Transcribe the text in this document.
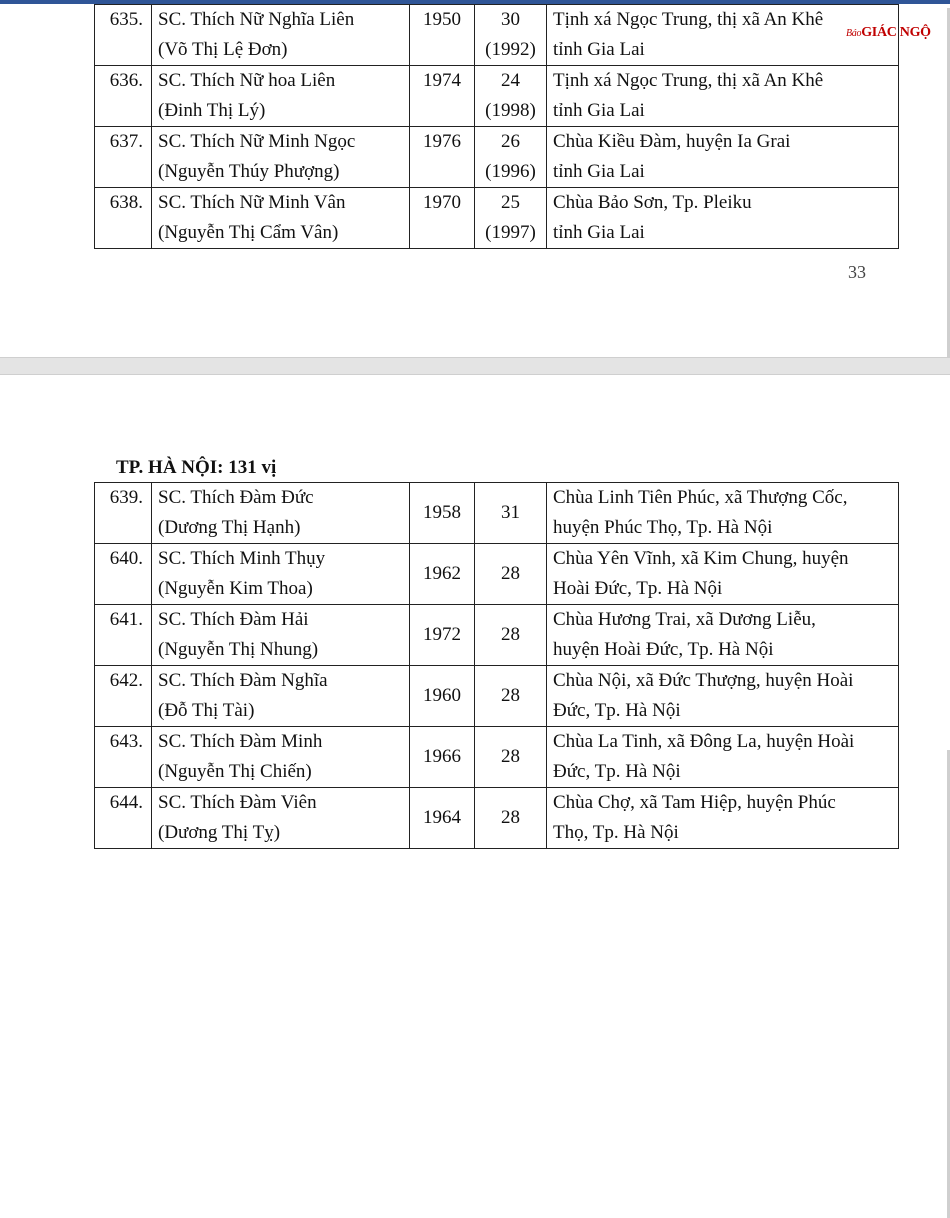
635.	SC. Thích Nữ Nghĩa Liên
(Võ Thị Lệ Đơn)	1950	30
(1992)	Tịnh xá Ngọc Trung, thị xã An Khê
tỉnh Gia Lai

636.	SC. Thích Nữ hoa Liên
(Đinh Thị Lý)	1974	24
(1998)	Tịnh xá Ngọc Trung, thị xã An Khê
tỉnh Gia Lai

637.	SC. Thích Nữ Minh Ngọc
(Nguyễn Thúy Phượng)	1976	26
(1996)	Chùa Kiều Đàm, huyện Ia Grai
tỉnh Gia Lai

638.	SC. Thích Nữ Minh Vân
(Nguyễn Thị Cẩm Vân)	1970	25
(1997)	Chùa Bảo Sơn, Tp. Pleiku
tỉnh Gia Lai
BáoGIÁC NGỘ
33
TP. HÀ NỘI: 131 vị
639.	SC. Thích Đàm Đức
(Dương Thị Hạnh)	1958	31	Chùa Linh Tiên Phúc, xã Thượng Cốc,
huyện Phúc Thọ, Tp. Hà Nội

640.	SC. Thích Minh Thụy
(Nguyễn Kim Thoa)	1962	28	Chùa Yên Vĩnh, xã Kim Chung, huyện
Hoài Đức, Tp. Hà Nội

641.	SC. Thích Đàm Hải
(Nguyễn Thị Nhung)	1972	28	Chùa Hương Trai, xã Dương Liễu,
huyện Hoài Đức, Tp. Hà Nội

642.	SC. Thích Đàm Nghĩa
(Đỗ Thị Tài)	1960	28	Chùa Nội, xã Đức Thượng, huyện Hoài
Đức, Tp. Hà Nội

643.	SC. Thích Đàm Minh
(Nguyễn Thị Chiến)	1966	28	Chùa La Tinh, xã Đông La, huyện Hoài
Đức, Tp. Hà Nội

644.	SC. Thích Đàm Viên
(Dương Thị Tỵ)	1964	28	Chùa Chợ, xã Tam Hiệp, huyện Phúc
Thọ, Tp. Hà Nội
